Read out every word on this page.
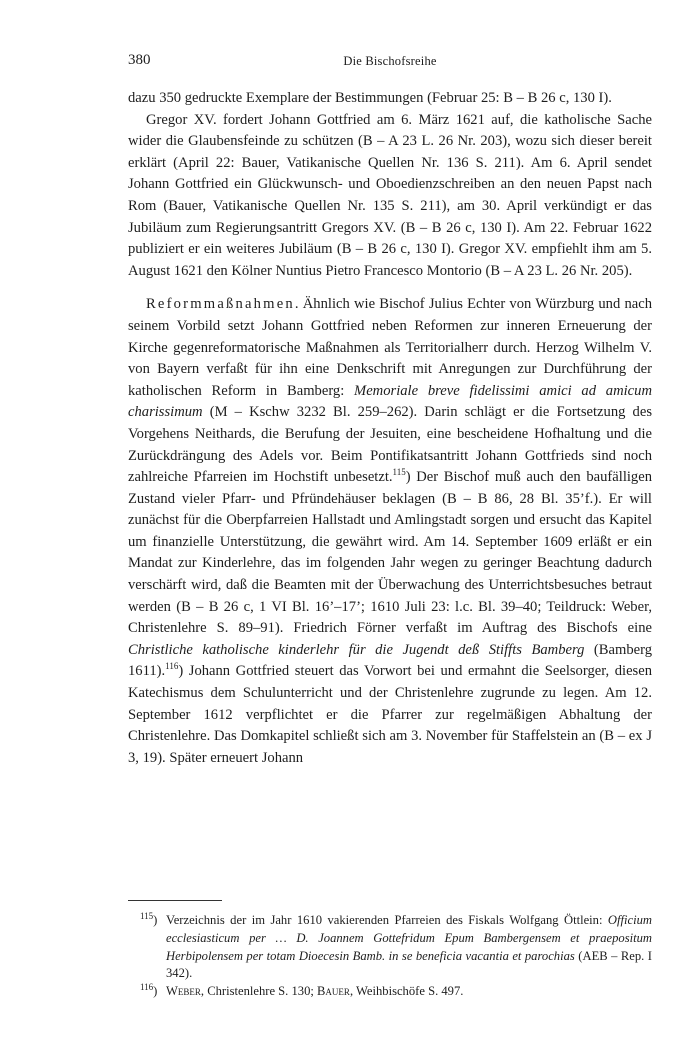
380	Die Bischofsreihe

dazu 350 gedruckte Exemplare der Bestimmungen (Februar 25: B – B 26 c, 130 I).

Gregor XV. fordert Johann Gottfried am 6. März 1621 auf, die katholische Sache wider die Glaubensfeinde zu schützen (B – A 23 L. 26 Nr. 203), wozu sich dieser bereit erklärt (April 22: Bauer, Vatikanische Quellen Nr. 136 S. 211). Am 6. April sendet Johann Gottfried ein Glückwunsch- und Oboedienzschreiben an den neuen Papst nach Rom (Bauer, Vatikanische Quellen Nr. 135 S. 211), am 30. April verkündigt er das Jubiläum zum Regierungsantritt Gregors XV. (B – B 26 c, 130 I). Am 22. Februar 1622 publiziert er ein weiteres Jubiläum (B – B 26 c, 130 I). Gregor XV. empfiehlt ihm am 5. August 1621 den Kölner Nuntius Pietro Francesco Montorio (B – A 23 L. 26 Nr. 205).

Reformmaßnahmen. Ähnlich wie Bischof Julius Echter von Würzburg und nach seinem Vorbild setzt Johann Gottfried neben Reformen zur inneren Erneuerung der Kirche gegenreformatorische Maßnahmen als Territorialherr durch. Herzog Wilhelm V. von Bayern verfaßt für ihn eine Denkschrift mit Anregungen zur Durchführung der katholischen Reform in Bamberg: Memoriale breve fidelissimi amici ad amicum charissimum (M – Kschw 3232 Bl. 259–262). Darin schlägt er die Fortsetzung des Vorgehens Neithards, die Berufung der Jesuiten, eine bescheidene Hofhaltung und die Zurückdrängung des Adels vor. Beim Pontifikatsantritt Johann Gottfrieds sind noch zahlreiche Pfarreien im Hochstift unbesetzt.$^{115}$) Der Bischof muß auch den baufälligen Zustand vieler Pfarr- und Pfründehäuser beklagen (B – B 86, 28 Bl. 35’f.). Er will zunächst für die Oberpfarreien Hallstadt und Amlingstadt sorgen und ersucht das Kapitel um finanzielle Unterstützung, die gewährt wird. Am 14. September 1609 erläßt er ein Mandat zur Kinderlehre, das im folgenden Jahr wegen zu geringer Beachtung dadurch verschärft wird, daß die Beamten mit der Überwachung des Unterrichtsbesuches betraut werden (B – B 26 c, 1 VI Bl. 16’–17’; 1610 Juli 23: l.c. Bl. 39–40; Teildruck: Weber, Christenlehre S. 89–91). Friedrich Förner verfaßt im Auftrag des Bischofs eine Christliche katholische kinderlehr für die Jugendt deß Stiffts Bamberg (Bamberg 1611).$^{116}$) Johann Gottfried steuert das Vorwort bei und ermahnt die Seelsorger, diesen Katechismus dem Schulunterricht und der Christenlehre zugrunde zu legen. Am 12. September 1612 verpflichtet er die Pfarrer zur regelmäßigen Abhaltung der Christenlehre. Das Domkapitel schließt sich am 3. November für Staffelstein an (B – ex J 3, 19). Später erneuert Johann

$^{115}$) Verzeichnis der im Jahr 1610 vakierenden Pfarreien des Fiskals Wolfgang Öttlein: Officium ecclesiasticum per … D. Joannem Gottefridum Epum Bambergensem et praepositum Herbipolensem per totam Dioecesin Bamb. in se beneficia vacantia et parochias (AEB – Rep. I 342).

$^{116}$) Weber, Christenlehre S. 130; Bauer, Weihbischöfe S. 497.
